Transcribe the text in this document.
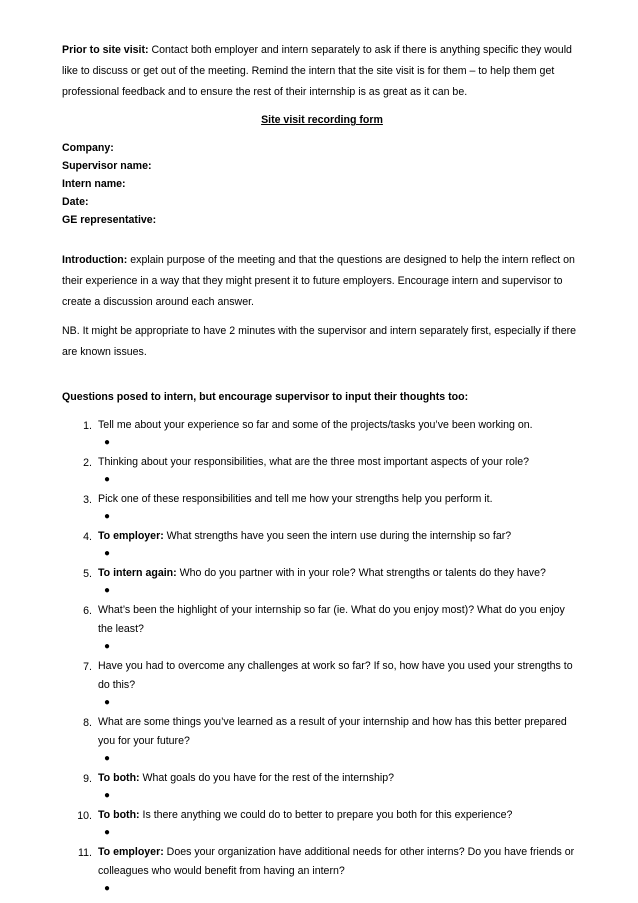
Prior to site visit: Contact both employer and intern separately to ask if there is anything specific they would like to discuss or get out of the meeting. Remind the intern that the site visit is for them – to help them get professional feedback and to ensure the rest of their internship is as great as it can be.

Site visit recording form

Company:
Supervisor name:
Intern name:
Date:
GE representative:

Introduction: explain purpose of the meeting and that the questions are designed to help the intern reflect on their experience in a way that they might present it to future employers. Encourage intern and supervisor to create a discussion around each answer.

NB. It might be appropriate to have 2 minutes with the supervisor and intern separately first, especially if there are known issues.

Questions posed to intern, but encourage supervisor to input their thoughts too:

1. Tell me about your experience so far and some of the projects/tasks you’ve been working on.
●
2. Thinking about your responsibilities, what are the three most important aspects of your role?
●
3. Pick one of these responsibilities and tell me how your strengths help you perform it.
●
4. To employer: What strengths have you seen the intern use during the internship so far?
●
5. To intern again: Who do you partner with in your role? What strengths or talents do they have?
●
6. What’s been the highlight of your internship so far (ie. What do you enjoy most)? What do you enjoy the least?
●
7. Have you had to overcome any challenges at work so far? If so, how have you used your strengths to do this?
●
8. What are some things you’ve learned as a result of your internship and how has this better prepared you for your future?
●
9. To both: What goals do you have for the rest of the internship?
●
10. To both: Is there anything we could do to better to prepare you both for this experience?
●
11. To employer: Does your organization have additional needs for other interns? Do you have friends or colleagues who would benefit from having an intern?
●
